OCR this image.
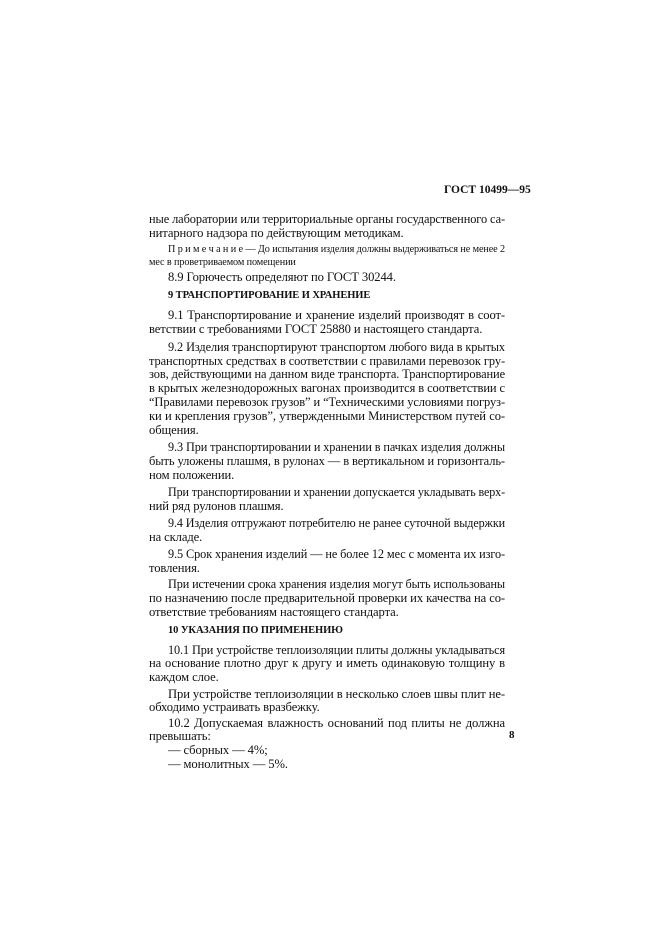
ГОСТ 10499—95
ные лаборатории или территориальные органы государственного са-
нитарного надзора по действующим методикам.
П р и м е ч а н и е — До испытания изделия должны выдерживаться не менее 2
мес в проветриваемом помещении
8.9 Горючесть определяют по ГОСТ 30244.
9 ТРАНСПОРТИРОВАНИЕ И ХРАНЕНИЕ
9.1 Транспортирование и хранение изделий производят в соот-
ветствии с требованиями ГОСТ 25880 и настоящего стандарта.
9.2 Изделия транспортируют транспортом любого вида в крытых
транспортных средствах в соответствии с правилами перевозок гру-
зов, действующими на данном виде транспорта. Транспортирование
в крытых железнодорожных вагонах производится в соответствии с
“Правилами перевозок грузов” и “Техническими условиями погруз-
ки и крепления грузов”, утвержденными Министерством путей со-
общения.
9.3 При транспортировании и хранении в пачках изделия должны
быть уложены плашмя, в рулонах — в вертикальном и горизонталь-
ном положении.
При транспортировании и хранении допускается укладывать верх-
ний ряд рулонов плашмя.
9.4 Изделия отгружают потребителю не ранее суточной выдержки
на складе.
9.5 Срок хранения изделий — не более 12 мес с момента их изго-
товления.
При истечении срока хранения изделия могут быть использованы
по назначению после предварительной проверки их качества на со-
ответствие требованиям настоящего стандарта.
10 УКАЗАНИЯ ПО ПРИМЕНЕНИЮ
10.1 При устройстве теплоизоляции плиты должны укладываться
на основание плотно друг к другу и иметь одинаковую толщину в
каждом слое.
При устройстве теплоизоляции в несколько слоев швы плит не-
обходимо устраивать вразбежку.
10.2 Допускаемая влажность оснований под плиты не должна
превышать:
— сборных — 4%;
— монолитных — 5%.
8
